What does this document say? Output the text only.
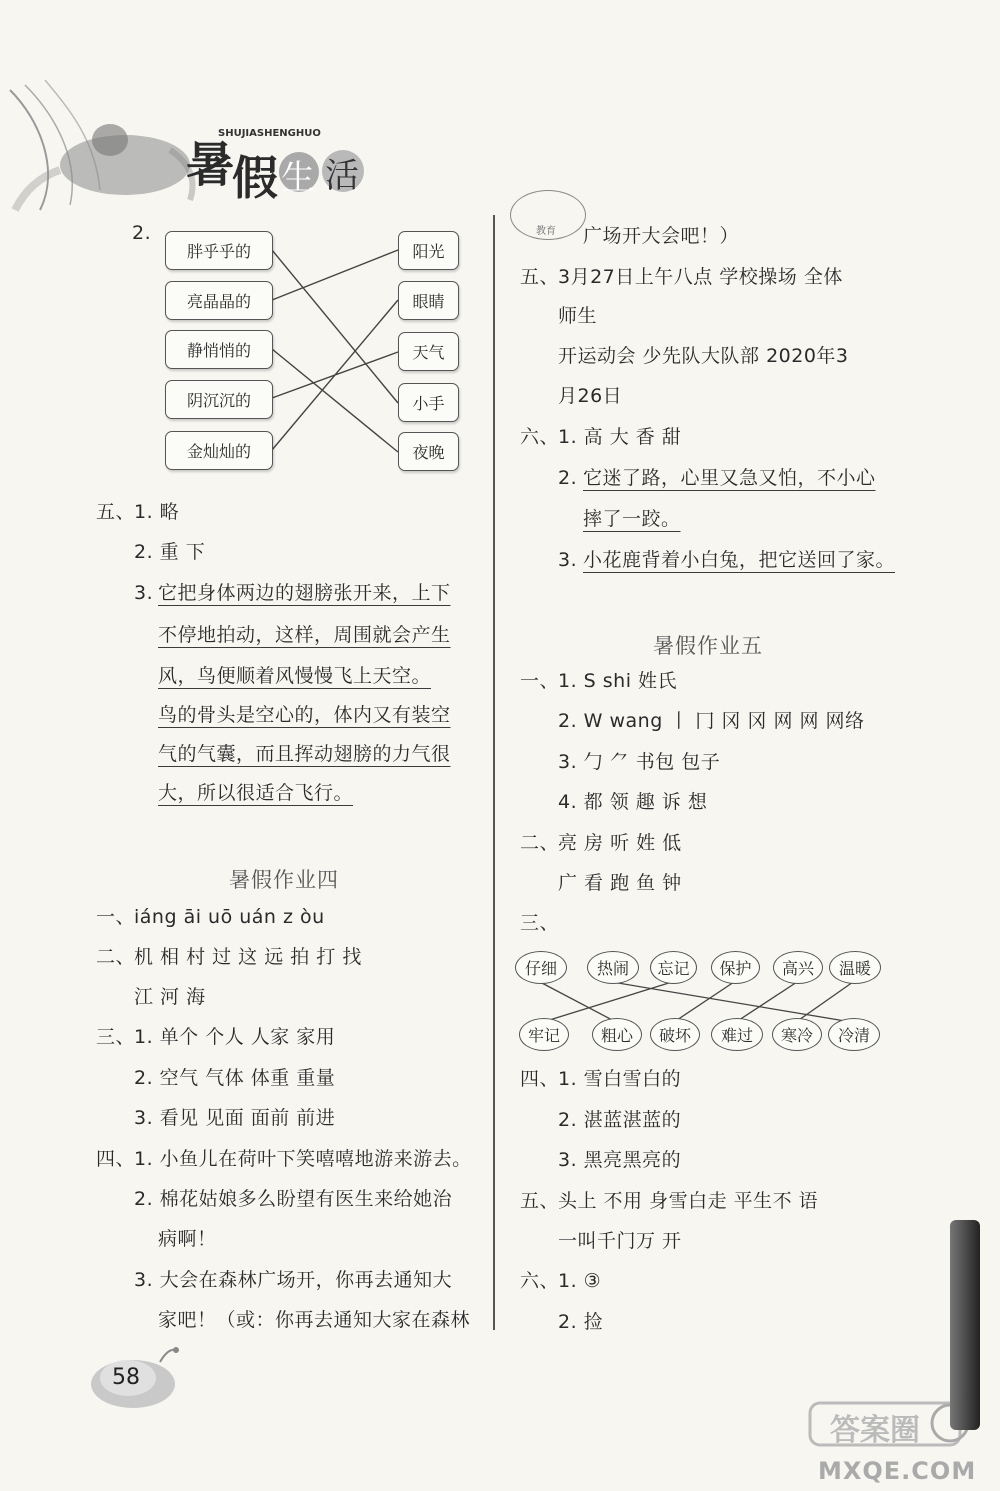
SHUJIASHENGHUO
暑
假 生 活
2.
胖乎乎的
亮晶晶的
静悄悄的
阴沉沉的
金灿灿的
阳光
眼睛
天气
小手
夜晚
五、
1. 略
2. 重 下
3. 它把身体两边的翅膀张开来，上下
不停地拍动，这样，周围就会产生
风，鸟便顺着风慢慢飞上天空。
鸟的骨头是空心的，体内又有装空
气的气囊，而且挥动翅膀的力气很
大，所以很适合飞行。
暑假作业四
一、
iáng āi uō uán z òu
二、
机 相 村 过 这 远 拍 打 找
江 河 海
三、
1. 单个 个人 人家 家用
2. 空气 气体 体重 重量
3. 看见 见面 面前 前进
四、
1. 小鱼儿在荷叶下笑嘻嘻地游来游去。
2. 棉花姑娘多么盼望有医生来给她治
病啊！
3. 大会在森林广场开，你再去通知大
家吧！（或：你再去通知大家在森林
教育 广场开大会吧！）
五、
3月27日上午八点 学校操场 全体
师生
开运动会 少先队大队部 2020年3
月26日
六、
1. 高 大 香 甜
2. 它迷了路，心里又急又怕，不小心
摔了一跤。
3. 小花鹿背着小白兔，把它送回了家。
暑假作业五
一、
1. S shi 姓氏
2. W wang 丨 冂 冈 冈 网 网 网络
3. 勹 ⺈ 书包 包子
4. 都 领 趣 诉 想
二、
亮 房 听 姓 低
广 看 跑 鱼 钟
三、
仔细	热闹	忘记	保护	高兴	温暖
牢记	粗心	破坏	难过	寒冷	冷清
四、
1. 雪白雪白的
2. 湛蓝湛蓝的
3. 黑亮黑亮的
五、
头上 不用 身雪白走 平生不 语
一叫千门万 开
六、
1. ③
2. 捡
58
答案圈
MXQE.COM
